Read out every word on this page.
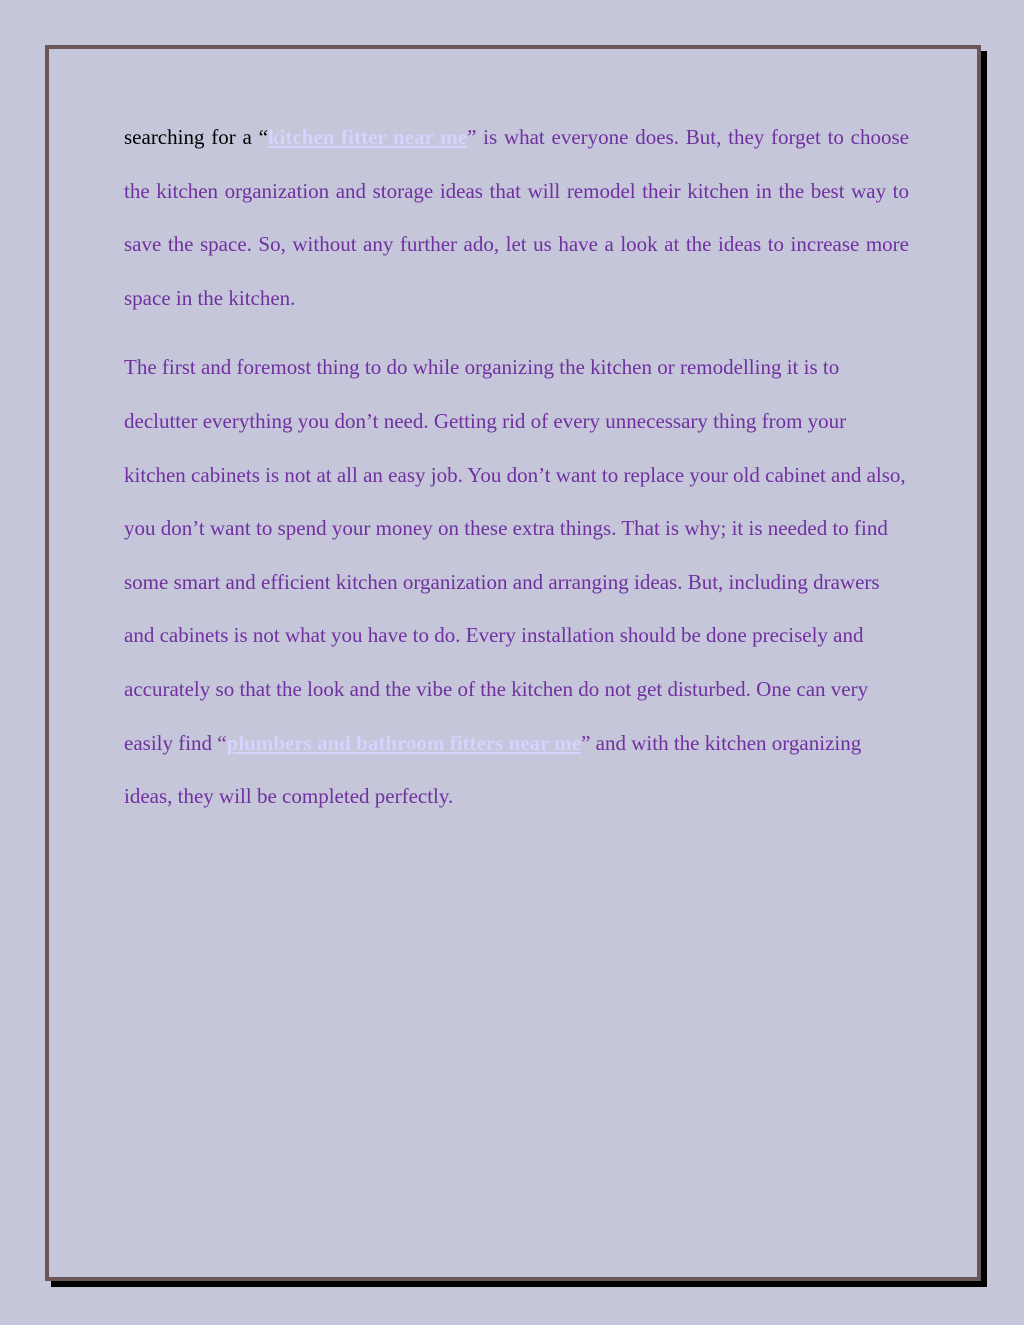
searching for a “kitchen fitter near me” is what everyone does. But, they forget to choose the kitchen organization and storage ideas that will remodel their kitchen in the best way to save the space. So, without any further ado, let us have a look at the ideas to increase more space in the kitchen.

The first and foremost thing to do while organizing the kitchen or remodelling it is to declutter everything you don’t need. Getting rid of every unnecessary thing from your kitchen cabinets is not at all an easy job. You don’t want to replace your old cabinet and also, you don’t want to spend your money on these extra things. That is why; it is needed to find some smart and efficient kitchen organization and arranging ideas. But, including drawers and cabinets is not what you have to do. Every installation should be done precisely and accurately so that the look and the vibe of the kitchen do not get disturbed. One can very easily find “plumbers and bathroom fitters near me” and with the kitchen organizing ideas, they will be completed perfectly.
